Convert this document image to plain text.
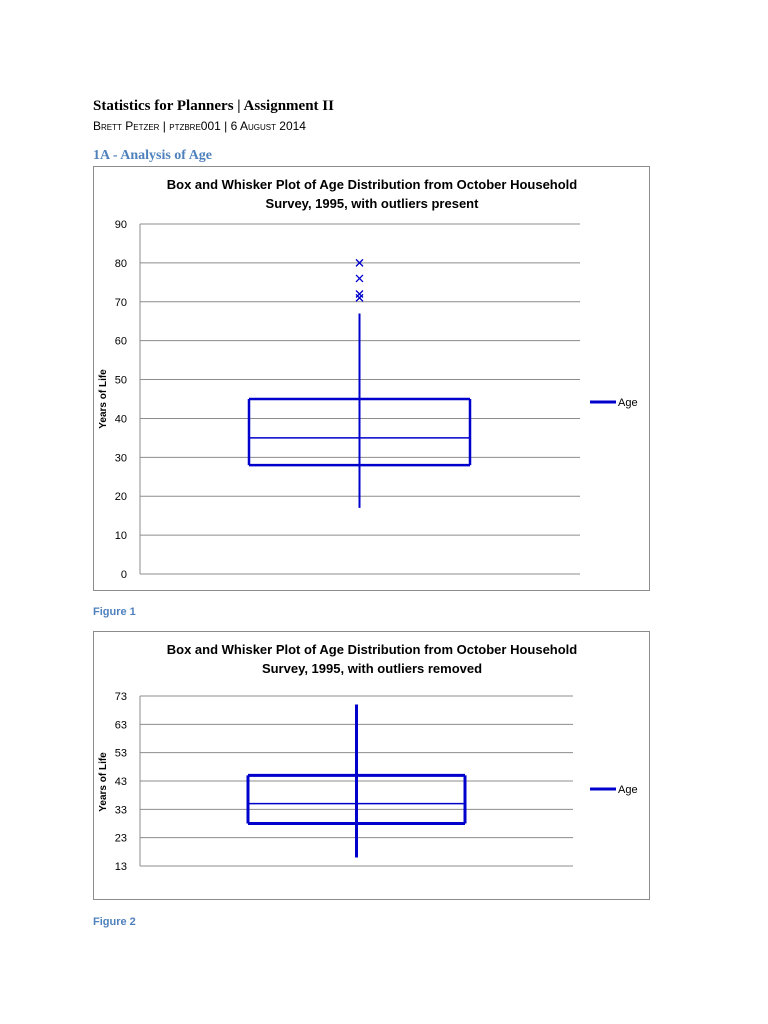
Statistics for Planners | Assignment II
Brett Petzer | ptzbre001 | 6 August 2014
1A - Analysis of Age
Box and Whisker Plot of Age Distribution from October Household
Survey, 1995, with outliers present
0
10
20
30
40
50
60
70
80
90
Years of Life	Age
Figure 1
Box and Whisker Plot of Age Distribution from October Household
Survey, 1995, with outliers removed
13
23
33
43
53
63
73
Years of Life	Age
Figure 2
